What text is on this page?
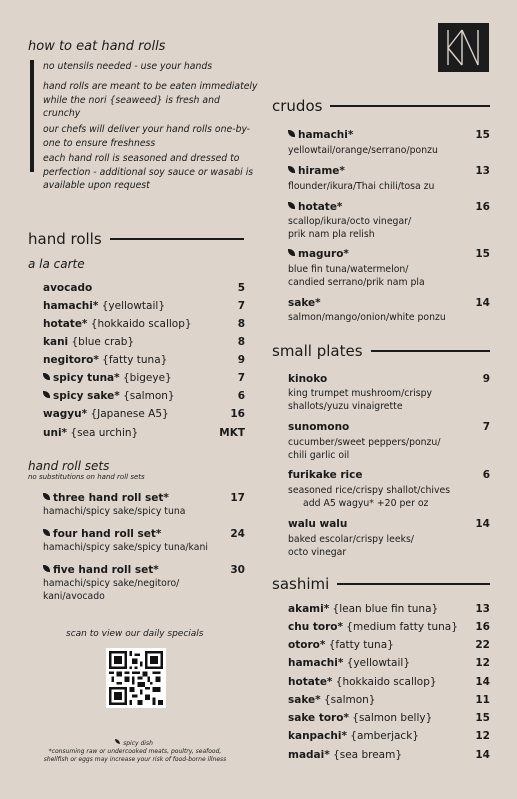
how to eat hand rolls
no utensils needed - use your hands
hand rolls are meant to be eaten immediately while the nori {seaweed} is fresh and crunchy
our chefs will deliver your hand rolls one-by-one to ensure freshness
each hand roll is seasoned and dressed to perfection - additional soy sauce or wasabi is available upon request
hand rolls
a la carte
avocado	5
hamachi* {yellowtail}	7
hotate* {hokkaido scallop}	8
kani {blue crab}	8
negitoro* {fatty tuna}	9
spicy tuna* {bigeye}	7
spicy sake* {salmon}	6
wagyu* {Japanese A5}	16
uni* {sea urchin}	MKT
hand roll sets
no substitutions on hand roll sets
three hand roll set*	17
hamachi/spicy sake/spicy tuna
four hand roll set*	24
hamachi/spicy sake/spicy tuna/kani
five hand roll set*	30
hamachi/spicy sake/negitoro/
kani/avocado
scan to view our daily specials
spicy dish
*consuming raw or undercooked meats, poultry, seafood,
shellfish or eggs may increase your risk of food-borne illness
crudos
hamachi*	15
yellowtail/orange/serrano/ponzu
hirame*	13
flounder/ikura/Thai chili/tosa zu
hotate*	16
scallop/ikura/octo vinegar/
prik nam pla relish
maguro*	15
blue fin tuna/watermelon/
candied serrano/prik nam pla
sake*	14
salmon/mango/onion/white ponzu
small plates
kinoko	9
king trumpet mushroom/crispy
shallots/yuzu vinaigrette
sunomono	7
cucumber/sweet peppers/ponzu/
chili garlic oil
furikake rice	6
seasoned rice/crispy shallot/chives
add A5 wagyu* +20 per oz
walu walu	14
baked escolar/crispy leeks/
octo vinegar
sashimi
akami* {lean blue fin tuna}	13
chu toro* {medium fatty tuna} 16
otoro* {fatty tuna}	22
hamachi* {yellowtail}	12
hotate* {hokkaido scallop}	14
sake* {salmon}	11
sake toro* {salmon belly}	15
kanpachi* {amberjack}	12
madai* {sea bream}	14
